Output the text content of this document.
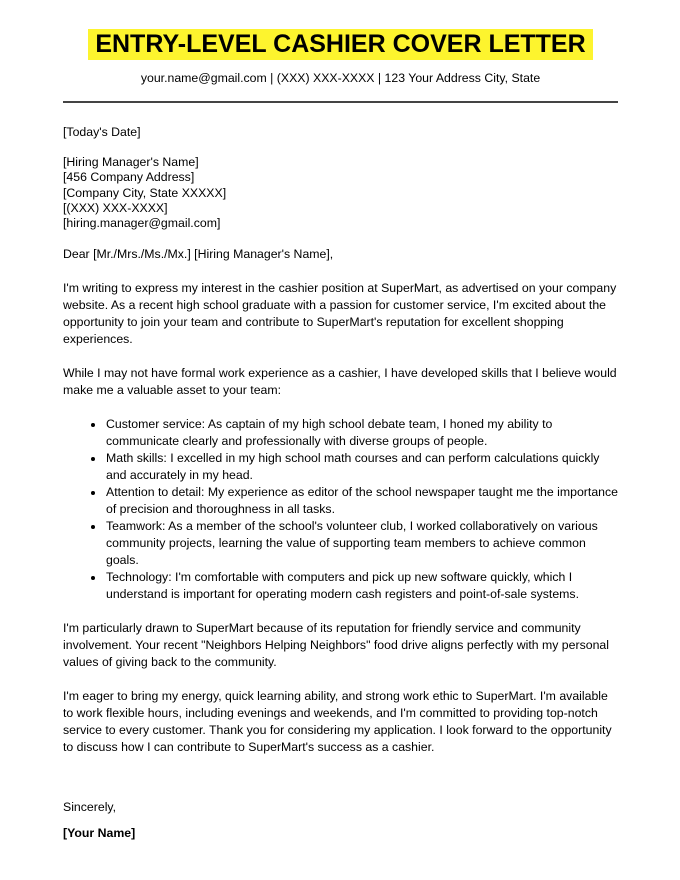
ENTRY-LEVEL CASHIER COVER LETTER
your.name@gmail.com | (XXX) XXX-XXXX | 123 Your Address City, State
[Today's Date]
[Hiring Manager's Name]
[456 Company Address]
[Company City, State XXXXX]
[(XXX) XXX-XXXX]
[hiring.manager@gmail.com]
Dear [Mr./Mrs./Ms./Mx.] [Hiring Manager's Name],

I'm writing to express my interest in the cashier position at SuperMart, as advertised on your company website. As a recent high school graduate with a passion for customer service, I'm excited about the opportunity to join your team and contribute to SuperMart's reputation for excellent shopping experiences.

While I may not have formal work experience as a cashier, I have developed skills that I believe would make me a valuable asset to your team:

• Customer service: As captain of my high school debate team, I honed my ability to communicate clearly and professionally with diverse groups of people.
• Math skills: I excelled in my high school math courses and can perform calculations quickly and accurately in my head.
• Attention to detail: My experience as editor of the school newspaper taught me the importance of precision and thoroughness in all tasks.
• Teamwork: As a member of the school's volunteer club, I worked collaboratively on various community projects, learning the value of supporting team members to achieve common goals.
• Technology: I'm comfortable with computers and pick up new software quickly, which I understand is important for operating modern cash registers and point-of-sale systems.

I'm particularly drawn to SuperMart because of its reputation for friendly service and community involvement. Your recent "Neighbors Helping Neighbors" food drive aligns perfectly with my personal values of giving back to the community.

I'm eager to bring my energy, quick learning ability, and strong work ethic to SuperMart. I'm available to work flexible hours, including evenings and weekends, and I'm committed to providing top-notch service to every customer. Thank you for considering my application. I look forward to the opportunity to discuss how I can contribute to SuperMart's success as a cashier.

Sincerely,
[Your Name]
